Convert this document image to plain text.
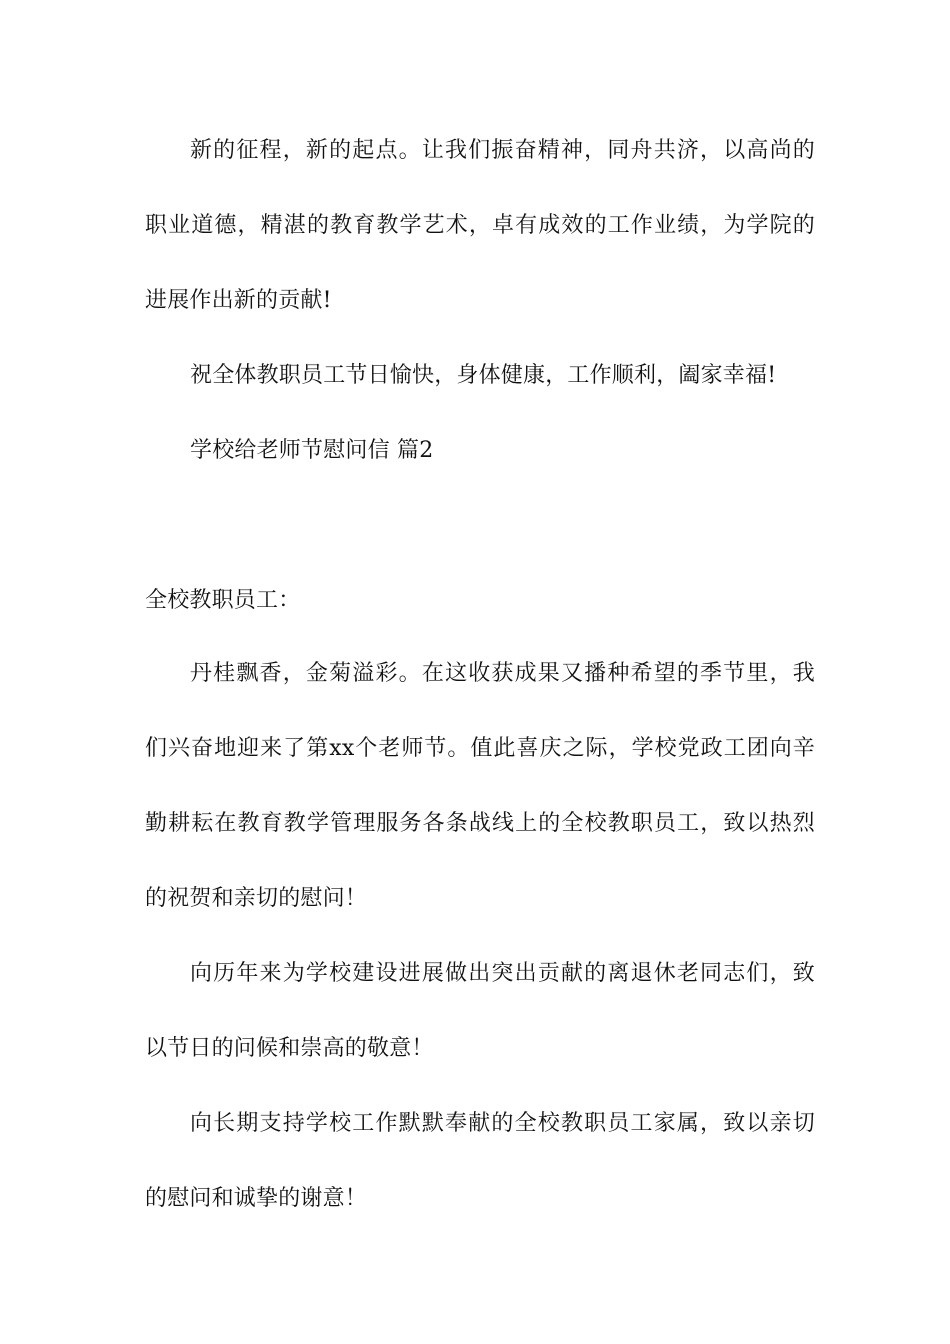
新的征程，新的起点。让我们振奋精神，同舟共济，以高尚的
职业道德，精湛的教育教学艺术，卓有成效的工作业绩，为学院的
进展作出新的贡献!
祝全体教职员工节日愉快，身体健康，工作顺利，阖家幸福!
学校给老师节慰问信 篇2
全校教职员工：
丹桂飘香，金菊溢彩。在这收获成果又播种希望的季节里，我
们兴奋地迎来了第xx个老师节。值此喜庆之际，学校党政工团向辛
勤耕耘在教育教学管理服务各条战线上的全校教职员工，致以热烈
的祝贺和亲切的慰问！
向历年来为学校建设进展做出突出贡献的离退休老同志们，致
以节日的问候和崇高的敬意！
向长期支持学校工作默默奉献的全校教职员工家属，致以亲切
的慰问和诚挚的谢意！
